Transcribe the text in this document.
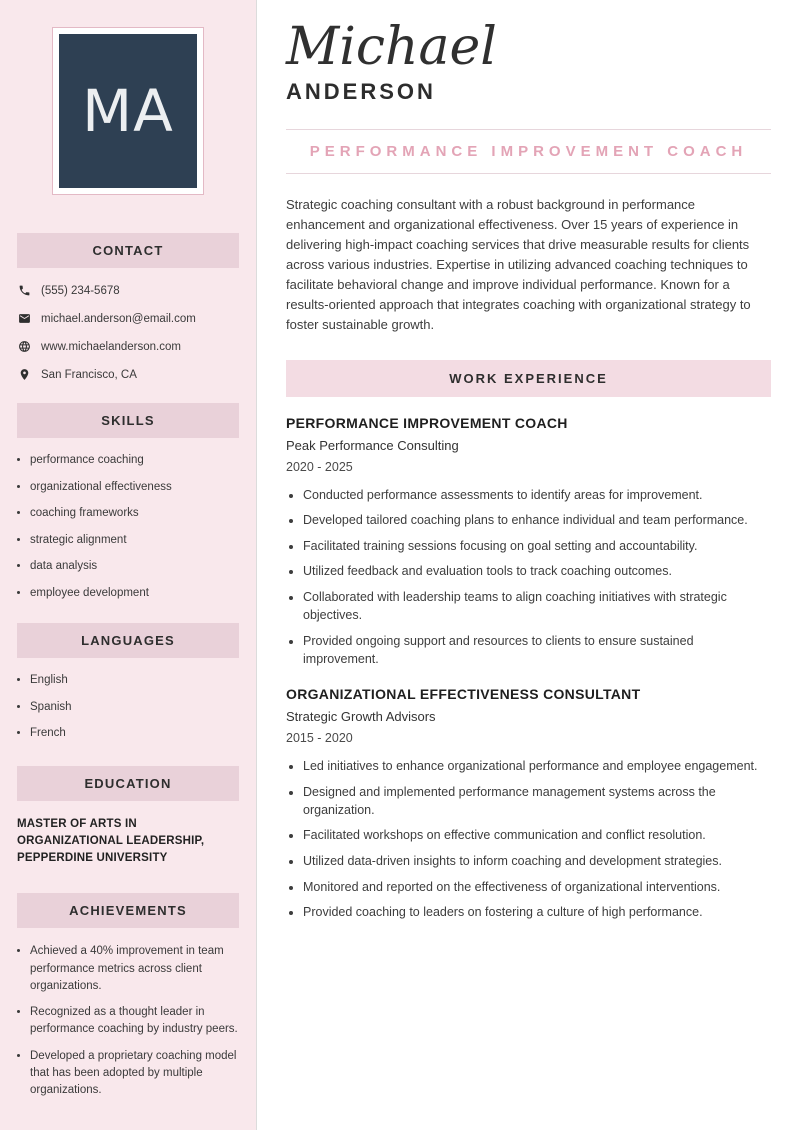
MA
CONTACT
(555) 234-5678
michael.anderson@email.com
www.michaelanderson.com
San Francisco, CA
SKILLS
• performance coaching
• organizational effectiveness
• coaching frameworks
• strategic alignment
• data analysis
• employee development
LANGUAGES
• English
• Spanish
• French
EDUCATION

MASTER OF ARTS IN ORGANIZATIONAL LEADERSHIP, PEPPERDINE UNIVERSITY

ACHIEVEMENTS
• Achieved a 40% improvement in team performance metrics across client organizations.
• Recognized as a thought leader in performance coaching by industry peers.
• Developed a proprietary coaching model that has been adopted by multiple organizations.
Michael
ANDERSON
PERFORMANCE IMPROVEMENT COACH

Strategic coaching consultant with a robust background in performance enhancement and organizational effectiveness. Over 15 years of experience in delivering high-impact coaching services that drive measurable results for clients across various industries. Expertise in utilizing advanced coaching techniques to facilitate behavioral change and improve individual performance. Known for a results-oriented approach that integrates coaching with organizational strategy to foster sustainable growth.

WORK EXPERIENCE
PERFORMANCE IMPROVEMENT COACH
Peak Performance Consulting
2020 - 2025
• Conducted performance assessments to identify areas for improvement.
• Developed tailored coaching plans to enhance individual and team performance.
• Facilitated training sessions focusing on goal setting and accountability.
• Utilized feedback and evaluation tools to track coaching outcomes.
• Collaborated with leadership teams to align coaching initiatives with strategic objectives.
• Provided ongoing support and resources to clients to ensure sustained improvement.
ORGANIZATIONAL EFFECTIVENESS CONSULTANT
Strategic Growth Advisors
2015 - 2020
• Led initiatives to enhance organizational performance and employee engagement.
• Designed and implemented performance management systems across the organization.
• Facilitated workshops on effective communication and conflict resolution.
• Utilized data-driven insights to inform coaching and development strategies.
• Monitored and reported on the effectiveness of organizational interventions.
• Provided coaching to leaders on fostering a culture of high performance.
